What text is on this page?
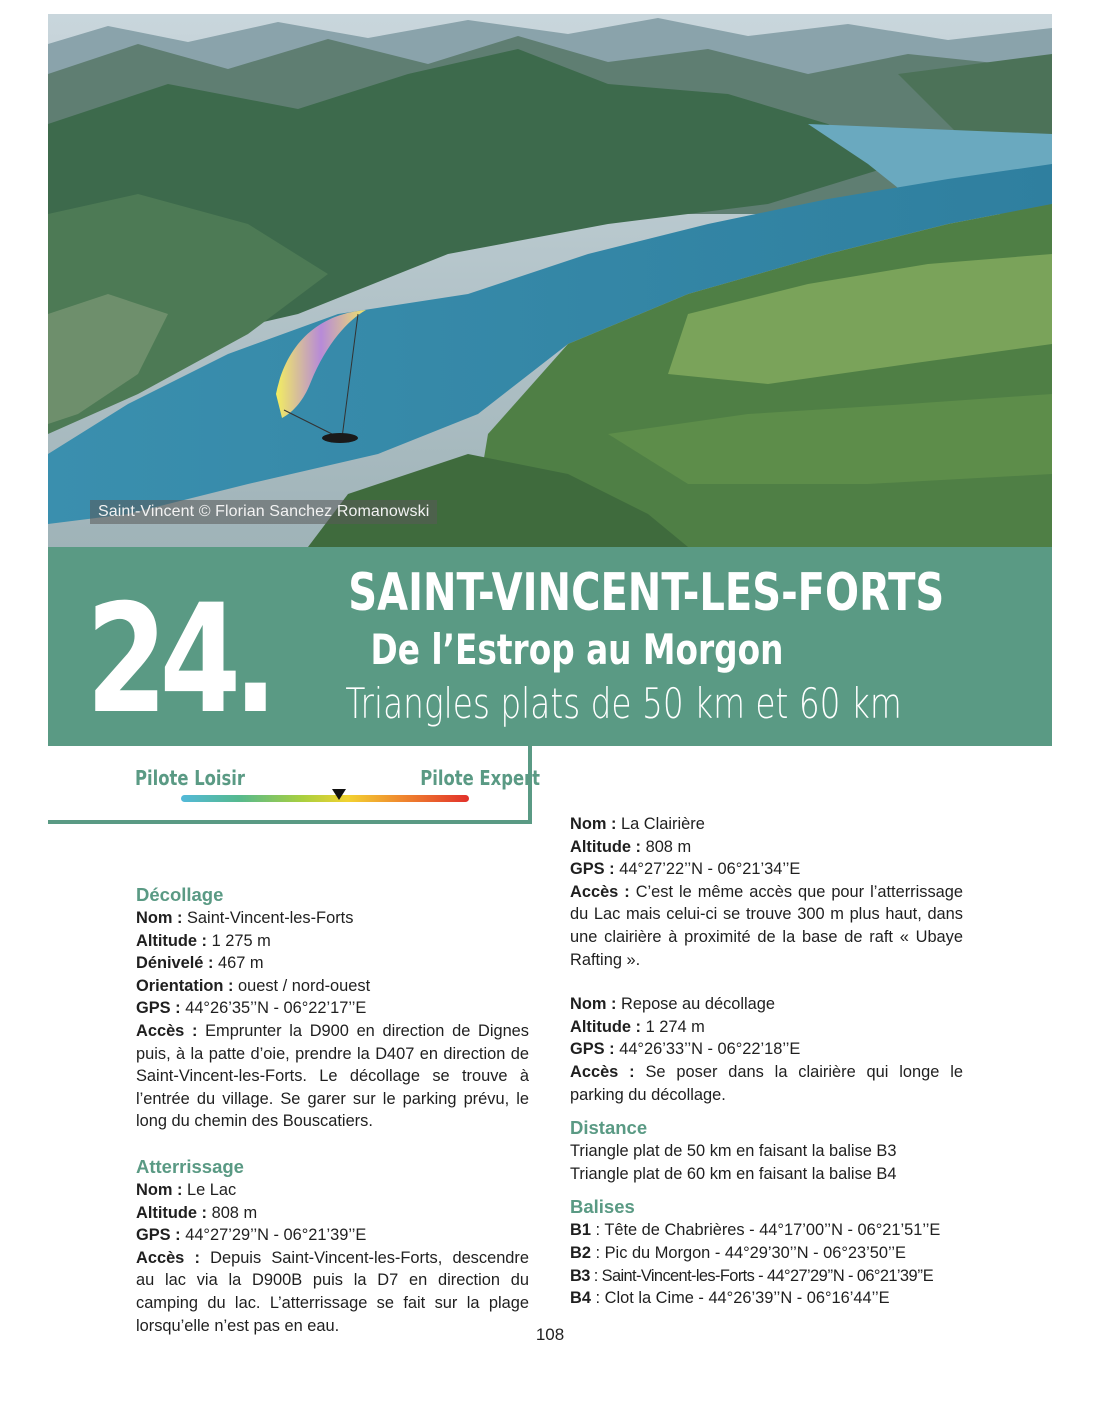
Saint-Vincent © Florian Sanchez Romanowski
24. SAINT-VINCENT-LES-FORTS
De l’Estrop au Morgon
Triangles plats de 50 km et 60 km
Pilote Loisir	Pilote Expert

Décollage

Nom : Saint-Vincent-les-Forts

Altitude : 1 275 m

Dénivelé : 467 m

Orientation : ouest / nord-ouest

GPS : 44°26’35’’N - 06°22’17’’E

Accès : Emprunter la D900 en direction de Dignes puis, à la patte d’oie, prendre la D407 en direction de Saint-Vincent-les-Forts. Le décollage se trouve à l’entrée du village. Se garer sur le parking prévu, le long du chemin des Bouscatiers.

Atterrissage

Nom : Le Lac

Altitude : 808 m

GPS : 44°27’29’’N - 06°21’39’’E

Accès : Depuis Saint-Vincent-les-Forts, descendre au lac via la D900B puis la D7 en direction du camping du lac. L’atterrissage se fait sur la plage lorsqu’elle n’est pas en eau.

Nom : La Clairière

Altitude : 808 m

GPS : 44°27’22’’N - 06°21’34’’E

Accès : C’est le même accès que pour l’atterrissage du Lac mais celui-ci se trouve 300 m plus haut, dans une clairière à proximité de la base de raft « Ubaye Rafting ».

Nom : Repose au décollage

Altitude : 1 274 m

GPS : 44°26’33’’N - 06°22’18’’E

Accès : Se poser dans la clairière qui longe le parking du décollage.

Distance

Triangle plat de 50 km en faisant la balise B3

Triangle plat de 60 km en faisant la balise B4

Balises

B1 : Tête de Chabrières - 44°17’00’’N - 06°21’51’’E

B2 : Pic du Morgon - 44°29’30’’N - 06°23’50’’E

B3 : Saint-Vincent-les-Forts - 44°27’29’’N - 06°21’39’’E

B4 : Clot la Cime - 44°26’39’’N - 06°16’44’’E

108
